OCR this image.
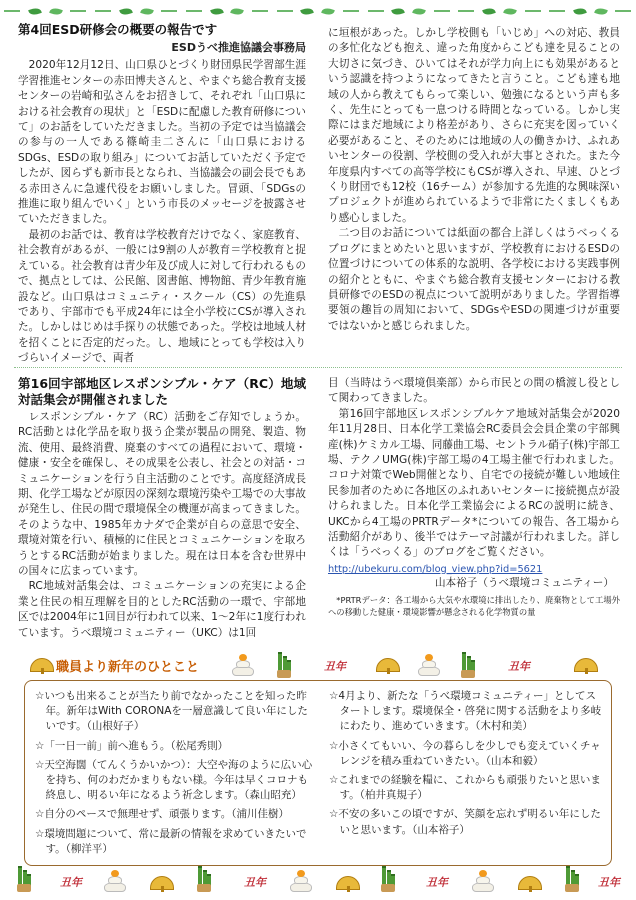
第4回ESD研修会の概要の報告です
ESDうべ推進協議会事務局

2020年12月12日、山口県ひとづくり財団県民学習部生涯学習推進センターの赤田博夫さんと、やまぐち総合教育支援センターの岩崎和弘さんをお招きして、それぞれ「山口県における社会教育の現状」と「ESDに配慮した教育研修について」のお話をしていただきました。当初の予定では当協議会の参与の一人である篠崎圭二さんに「山口県におけるSDGs、ESDの取り組み」についてお話していただく予定でしたが、図らずも新市長となられ、当協議会の副会長でもある赤田さんに急遽代役をお願いしました。冒頭、「SDGsの推進に取り組んでいく」という市長のメッセージを披露させていただきました。

最初のお話では、教育は学校教育だけでなく、家庭教育、社会教育があるが、一般には9割の人が教育＝学校教育と捉えている。社会教育は青少年及び成人に対して行われるもので、拠点としては、公民館、図書館、博物館、青少年教育施設など。山口県はコミュニティ・スクール（CS）の先進県であり、宇部市でも平成24年には全小学校にCSが導入された。しかしはじめは手探りの状態であった。学校は地域人材を招くことに否定的だった。し、地域にとっても学校は入りづらいイメージで、両者

に垣根があった。しかし学校側も「いじめ」への対応、教員の多忙化なども抱え、違った角度からこども達を見ることの大切さに気づき、ひいてはそれが学力向上にも効果があるという認識を持つようになってきたと言うこと。こども達も地域の人から教えてもらって楽しい、勉強になるという声も多く、先生にとっても一息つける時間となっている。しかし実際にはまだ地域により格差があり、さらに充実を図っていく必要があること、そのためには地域の人の働きかけ、ふれあいセンターの役割、学校側の受入れが大事とされた。また今年度県内すべての高等学校にもCSが導入され、早速、ひとづくり財団でも12校（16チーム）が参加する先進的な興味深いプロジェクトが進められているようで非常にたくましくもあり感心しました。

二つ目のお話については紙面の都合上詳しくはうべっくるブログにまとめたいと思いますが、学校教育におけるESDの位置づけについての体系的な説明、各学校における実践事例の紹介とともに、やまぐち総合教育支援センターにおける教員研修でのESDの視点について説明がありました。学習指導要領の趣旨の周知において、SDGsやESDの関連づけが重要ではないかと感じられました。

第16回宇部地区レスポンシブル・ケア（RC）地域対話集会が開催されました

レスポンシブル・ケア（RC）活動をご存知でしょうか。RC活動とは化学品を取り扱う企業が製品の開発、製造、物流、使用、最終消費、廃棄のすべての過程において、環境・健康・安全を確保し、その成果を公表し、社会との対話・コミュニケーションを行う自主活動のことです。高度経済成長期、化学工場などが原因の深刻な環境汚染や工場での大事故が発生し、住民の間で環境保全の機運が高まってきました。そのような中、1985年カナダで企業が自らの意思で安全、環境対策を行い、積極的に住民とコミュニケーションを取ろうとするRC活動が始まりました。現在は日本を含む世界中の国々に広まっています。

RC地域対話集会は、コミュニケーションの充実による企業と住民の相互理解を目的としたRC活動の一環で、宇部地区では2004年に1回目が行われて以来、1～2年に1度行われています。うべ環境コミュニティー（UKC）は1回

目（当時はうべ環境倶楽部）から市民との間の橋渡し役として関わってきました。

第16回宇部地区レスポンシブルケア地域対話集会が2020年11月28日、日本化学工業協会RC委員会会員企業の宇部興産(株)ケミカル工場、同藤曲工場、セントラル硝子(株)宇部工場、テクノUMG(株)宇部工場の4工場主催で行われました。コロナ対策でWeb開催となり、自宅での接続が難しい地域住民参加者のために各地区のふれあいセンターに接続拠点が設けられました。日本化学工業協会によるRCの説明に続き、UKCから4工場のPRTRデータ*についての報告、各工場から活動紹介があり、後半ではテーマ討議が行われました。詳しくは「うべっくる」のブログをご覧ください。

http://ubekuru.com/blog_view.php?id=5621
山本裕子（うべ環境コミュニティー）

*PRTRデータ：各工場から大気や水環境に排出したり、廃棄物として工場外への移動した健康・環境影響が懸念される化学物質の量

職員より新年のひとこと	丑年	丑年
☆いつも出来ることが当たり前でなかったことを知った昨年。新年はWith CORONAを一層意識して良い年にしたいです。（山根好子）
☆「一日一前」前へ進もう。（松尾秀則）
☆天空海闊（てんくうかいかつ）：大空や海のように広い心を持ち、何のわだかまりもない様。今年は早くコロナも終息し、明るい年になるよう祈念します。（森山昭充）
☆自分のペースで無理せず、頑張ります。（浦川佳樹）
☆環境問題について、常に最新の情報を求めていきたいです。（柳洋平）
☆4月より、新たな「うべ環境コミュニティー」としてスタートします。環境保全・啓発に関する活動をより多岐にわたり、進めていきます。（木村和美）
☆小さくてもいい、今の暮らしを少しでも変えていくチャレンジを積み重ねていきたい。（山本和毅）
☆これまでの経験を糧に、これからも頑張りたいと思います。（柏井真規子）
☆不安の多いこの頃ですが、笑顔を忘れず明るい年にしたいと思います。（山本裕子）
丑年	丑年	丑年	丑年
